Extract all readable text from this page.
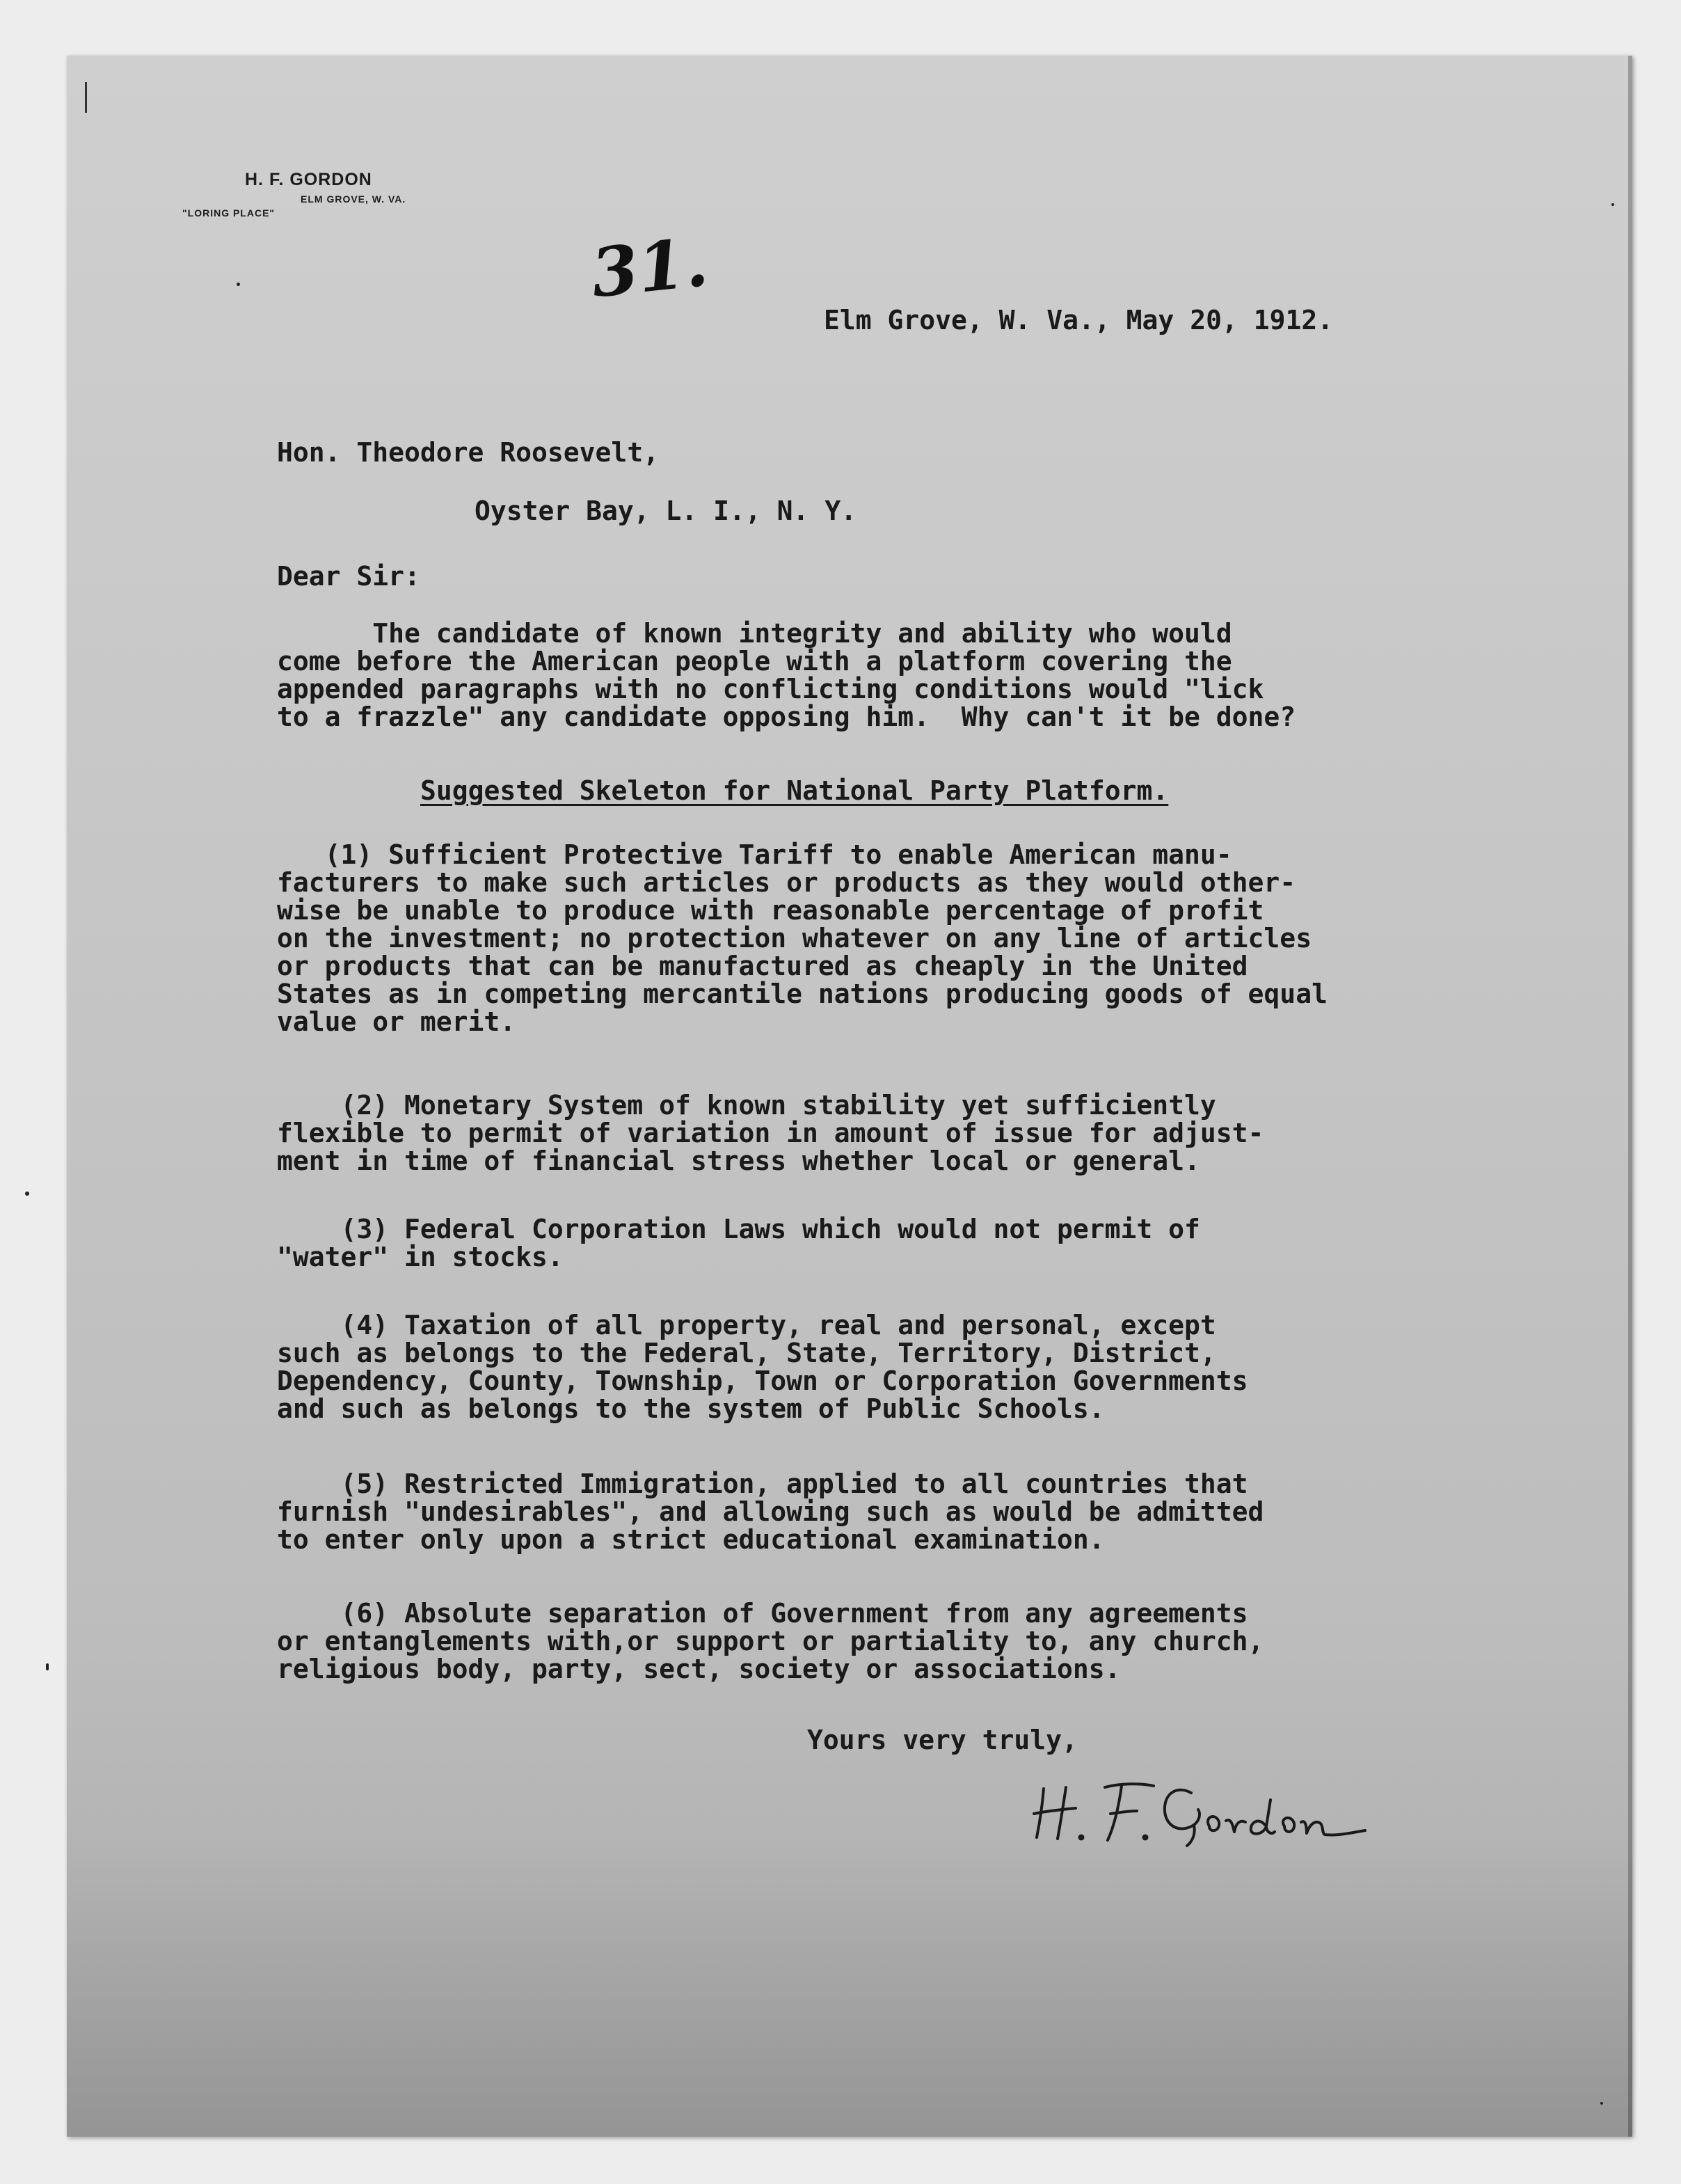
H. F. GORDON
ELM GROVE, W. VA.
"LORING PLACE"
31.
Elm Grove, W. Va., May 20, 1912.
Hon. Theodore Roosevelt,
Oyster Bay, L. I., N. Y.
Dear Sir:
The candidate of known integrity and ability who would
come before the American people with a platform covering the
appended paragraphs with no conflicting conditions would "lick
to a frazzle" any candidate opposing him.  Why can't it be done?
Suggested Skeleton for National Party Platform.
(1) Sufficient Protective Tariff to enable American manu-
facturers to make such articles or products as they would other-
wise be unable to produce with reasonable percentage of profit
on the investment; no protection whatever on any line of articles
or products that can be manufactured as cheaply in the United
States as in competing mercantile nations producing goods of equal
value or merit.
(2) Monetary System of known stability yet sufficiently
flexible to permit of variation in amount of issue for adjust-
ment in time of financial stress whether local or general.
(3) Federal Corporation Laws which would not permit of
"water" in stocks.
(4) Taxation of all property, real and personal, except
such as belongs to the Federal, State, Territory, District,
Dependency, County, Township, Town or Corporation Governments
and such as belongs to the system of Public Schools.
(5) Restricted Immigration, applied to all countries that
furnish "undesirables", and allowing such as would be admitted
to enter only upon a strict educational examination.
(6) Absolute separation of Government from any agreements
or entanglements with,or support or partiality to, any church,
religious body, party, sect, society or associations.
Yours very truly,
